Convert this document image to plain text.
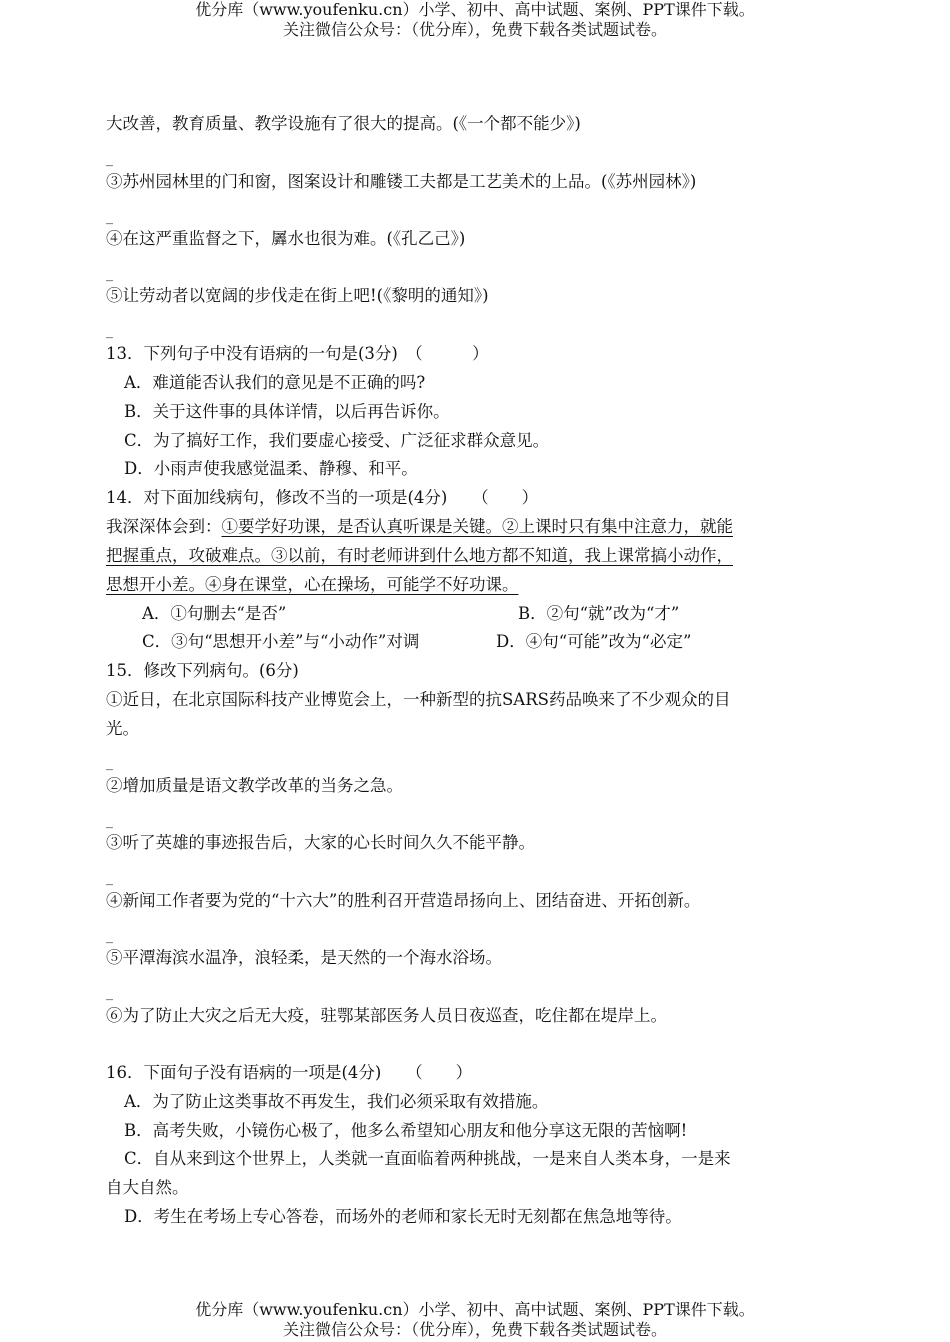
优分库（www.youfenku.cn）小学、初中、高中试题、案例、PPT课件下载。
关注微信公众号：（优分库），免费下载各类试题试卷。
大改善，教育质量、教学设施有了很大的提高。(《一个都不能少》)
_
③苏州园林里的门和窗，图案设计和雕镂工夫都是工艺美术的上品。(《苏州园林》)
_
④在这严重监督之下，羼水也很为难。(《孔乙己》)
_
⑤让劳动者以宽阔的步伐走在街上吧!(《黎明的通知》)
_
13．下列句子中没有语病的一句是(3分)　（　　　）
A．难道能否认我们的意见是不正确的吗?
B．关于这件事的具体详情，以后再告诉你。
C．为了搞好工作，我们要虚心接受、广泛征求群众意见。
D．小雨声使我感觉温柔、静穆、和平。
14．对下面加线病句，修改不当的一项是(4分)　　（　　）
我深深体会到：①要学好功课，是否认真听课是关键。②上课时只有集中注意力，就能
把握重点，攻破难点。③以前，有时老师讲到什么地方都不知道，我上课常搞小动作，
思想开小差。④身在课堂，心在操场，可能学不好功课。
A．①句删去“是否”	B．②句“就”改为“才”
C．③句“思想开小差”与“小动作”对调	D．④句“可能”改为“必定”
15．修改下列病句。(6分)
①近日，在北京国际科技产业博览会上，一种新型的抗SARS药品唤来了不少观众的目
光。
_
②增加质量是语文教学改革的当务之急。
_
③听了英雄的事迹报告后，大家的心长时间久久不能平静。
_
④新闻工作者要为党的“十六大”的胜利召开营造昂扬向上、团结奋进、开拓创新。
_
⑤平潭海滨水温净，浪轻柔，是天然的一个海水浴场。
_
⑥为了防止大灾之后无大疫，驻鄂某部医务人员日夜巡查，吃住都在堤岸上。
16．下面句子没有语病的一项是(4分)　　（　　）
A．为了防止这类事故不再发生，我们必须采取有效措施。
B．高考失败，小镜伤心极了，他多么希望知心朋友和他分享这无限的苦恼啊!
C．自从来到这个世界上，人类就一直面临着两种挑战，一是来自人类本身，一是来
自大自然。
D．考生在考场上专心答卷，而场外的老师和家长无时无刻都在焦急地等待。
优分库（www.youfenku.cn）小学、初中、高中试题、案例、PPT课件下载。
关注微信公众号：（优分库），免费下载各类试题试卷。
